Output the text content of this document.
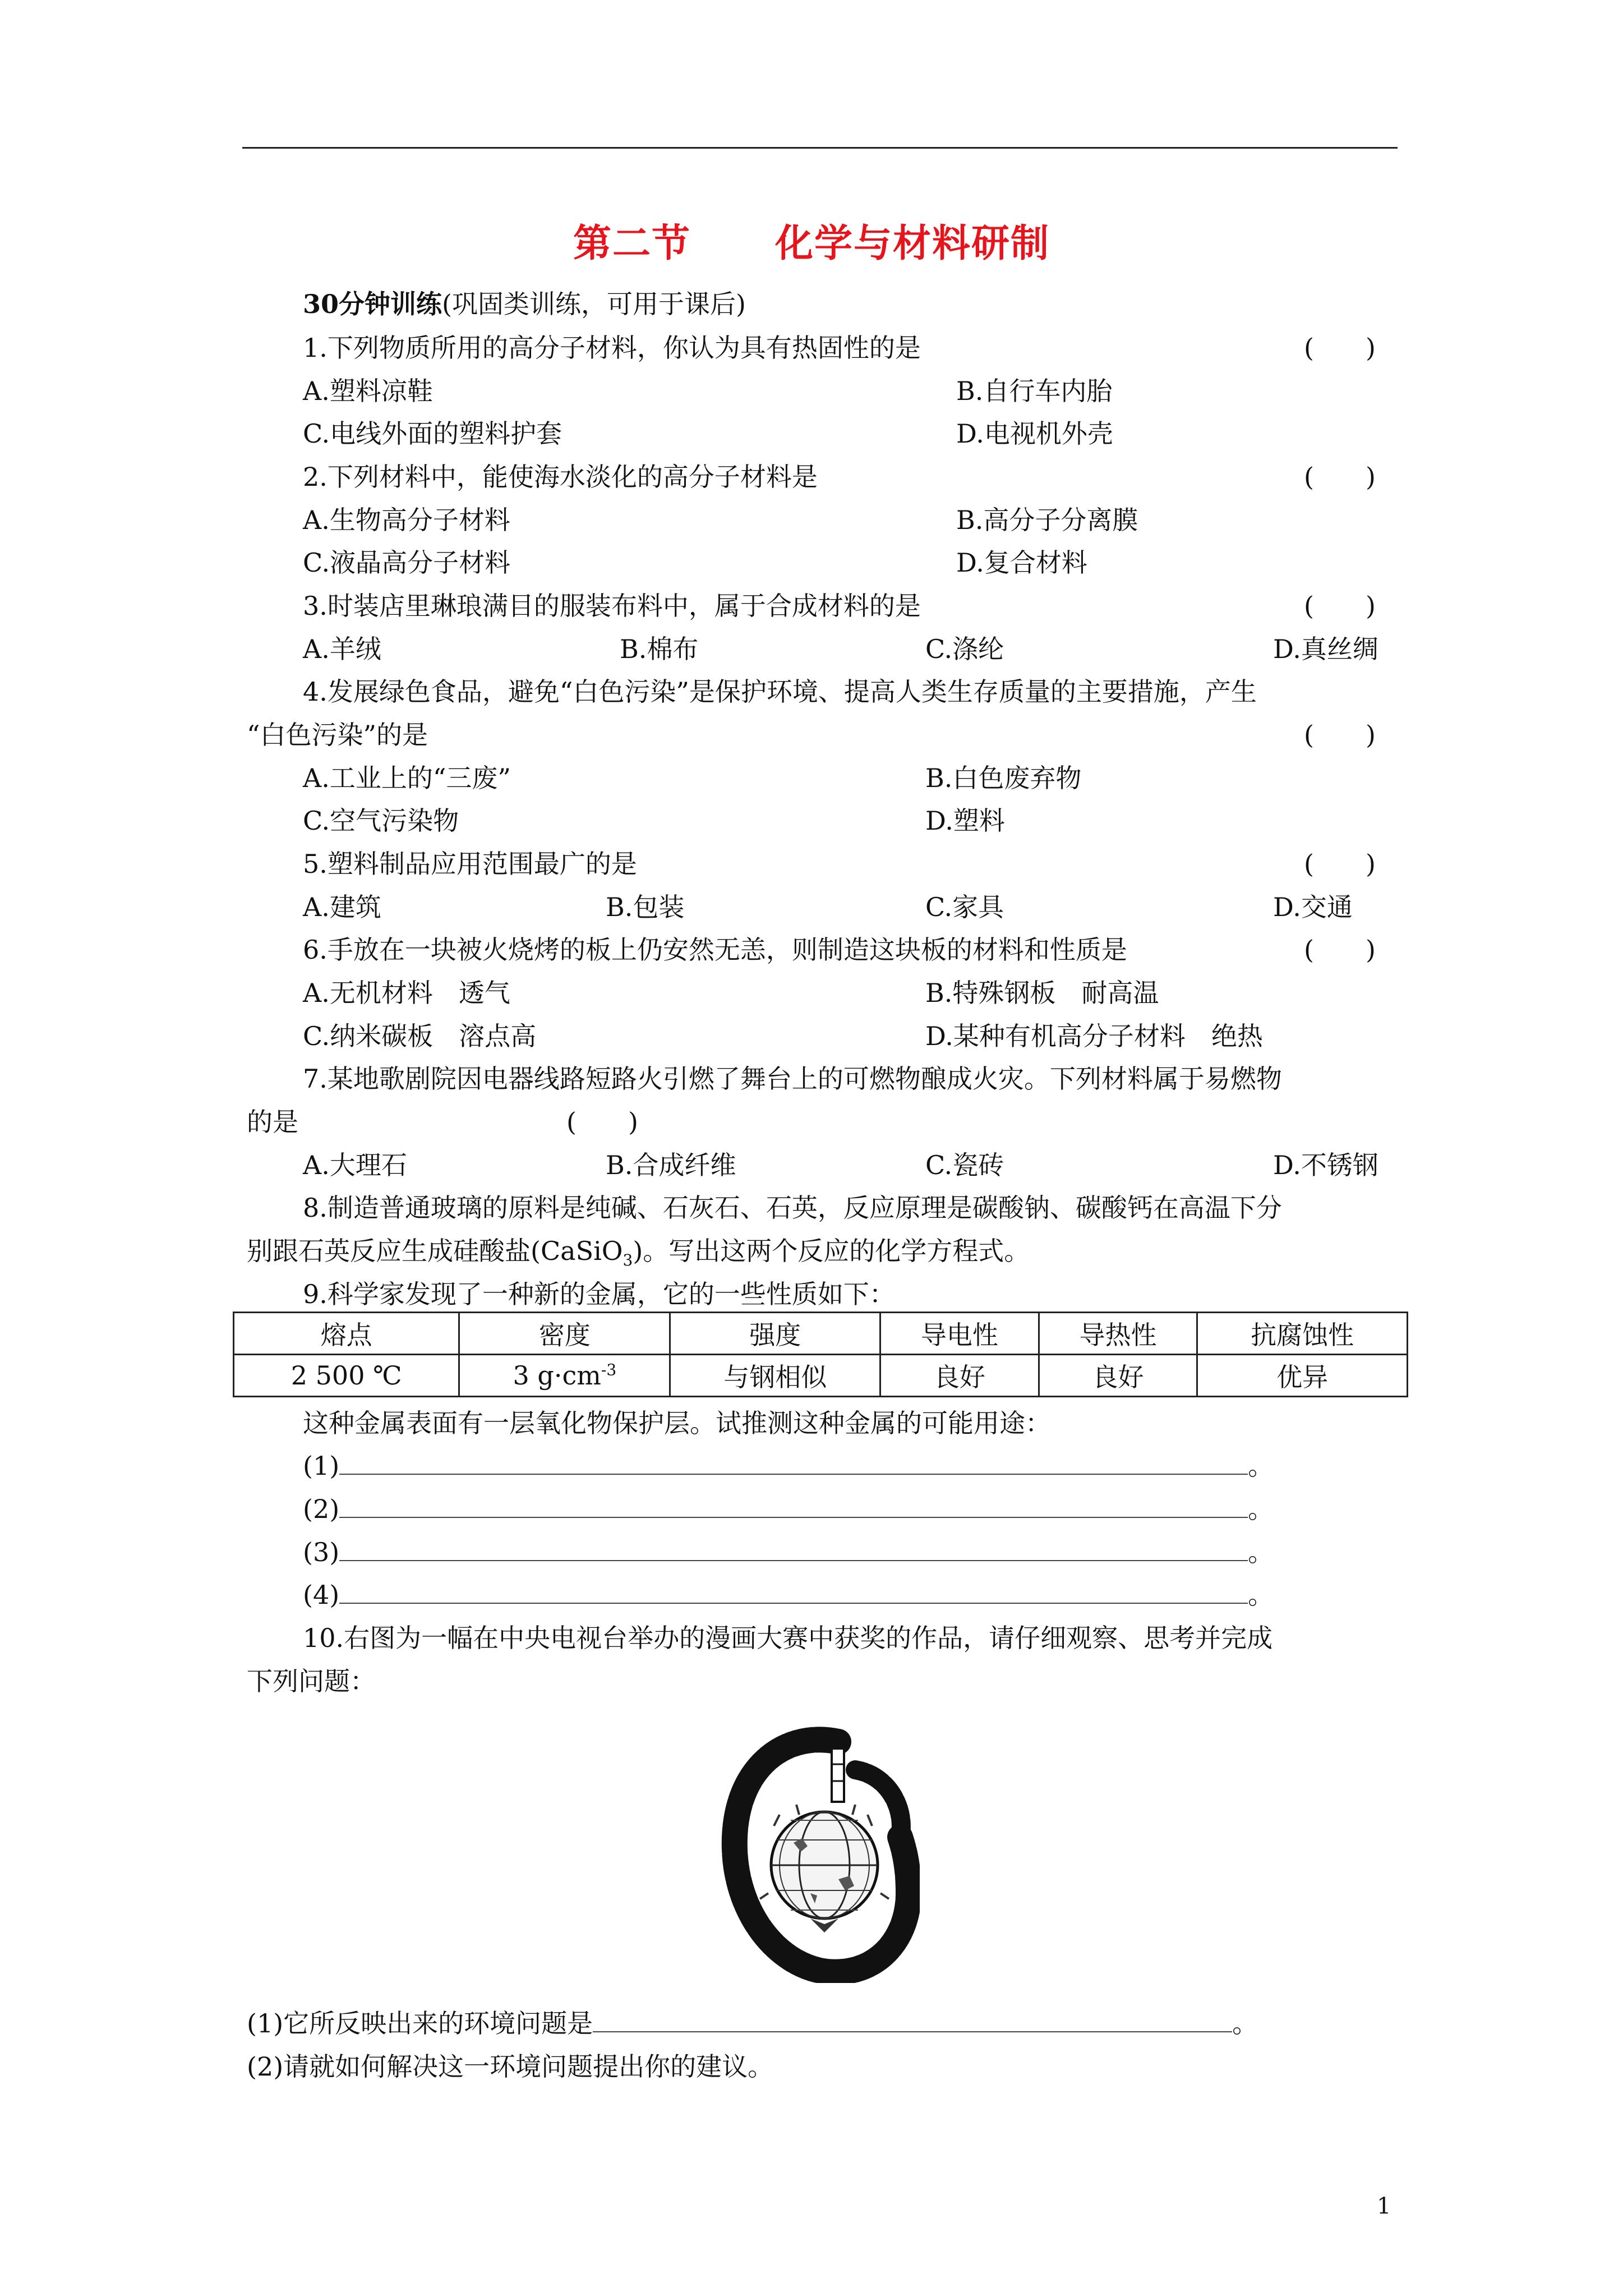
第二节 化学与材料研制
30分钟训练(巩固类训练，可用于课后)
1.下列物质所用的高分子材料，你认为具有热固性的是	(　　)
A.塑料凉鞋	B.自行车内胎
C.电线外面的塑料护套	D.电视机外壳
2.下列材料中，能使海水淡化的高分子材料是	(　　)
A.生物高分子材料	B.高分子分离膜
C.液晶高分子材料	D.复合材料
3.时装店里琳琅满目的服装布料中，属于合成材料的是	(　　)
A.羊绒	B.棉布	C.涤纶	D.真丝绸
4.发展绿色食品，避免“白色污染”是保护环境、提高人类生存质量的主要措施，产生
“白色污染”的是	(　　)
A.工业上的“三废”	B.白色废弃物
C.空气污染物	D.塑料
5.塑料制品应用范围最广的是	(　　)
A.建筑	B.包装	C.家具	D.交通
6.手放在一块被火烧烤的板上仍安然无恙，则制造这块板的材料和性质是	(　　)
A.无机材料　透气	B.特殊钢板　耐高温
C.纳米碳板　溶点高	D.某种有机高分子材料　绝热
7.某地歌剧院因电器线路短路火引燃了舞台上的可燃物酿成火灾。下列材料属于易燃物
的是	(　　)
A.大理石	B.合成纤维	C.瓷砖	D.不锈钢
8.制造普通玻璃的原料是纯碱、石灰石、石英，反应原理是碳酸钠、碳酸钙在高温下分
别跟石英反应生成硅酸盐(CaSiO$_3$)。写出这两个反应的化学方程式。
9.科学家发现了一种新的金属，它的一些性质如下：
熔点	密度	强度	导电性	导热性	抗腐蚀性
2 500 ℃	3 $g\cdot cm^{-3}$	与钢相似	良好	良好	优异
这种金属表面有一层氧化物保护层。试推测这种金属的可能用途：
(1)	。
(2)	。
(3)	。
(4)	。
10.右图为一幅在中央电视台举办的漫画大赛中获奖的作品，请仔细观察、思考并完成
下列问题：
(1)它所反映出来的环境问题是	。
(2)请就如何解决这一环境问题提出你的建议。
1
